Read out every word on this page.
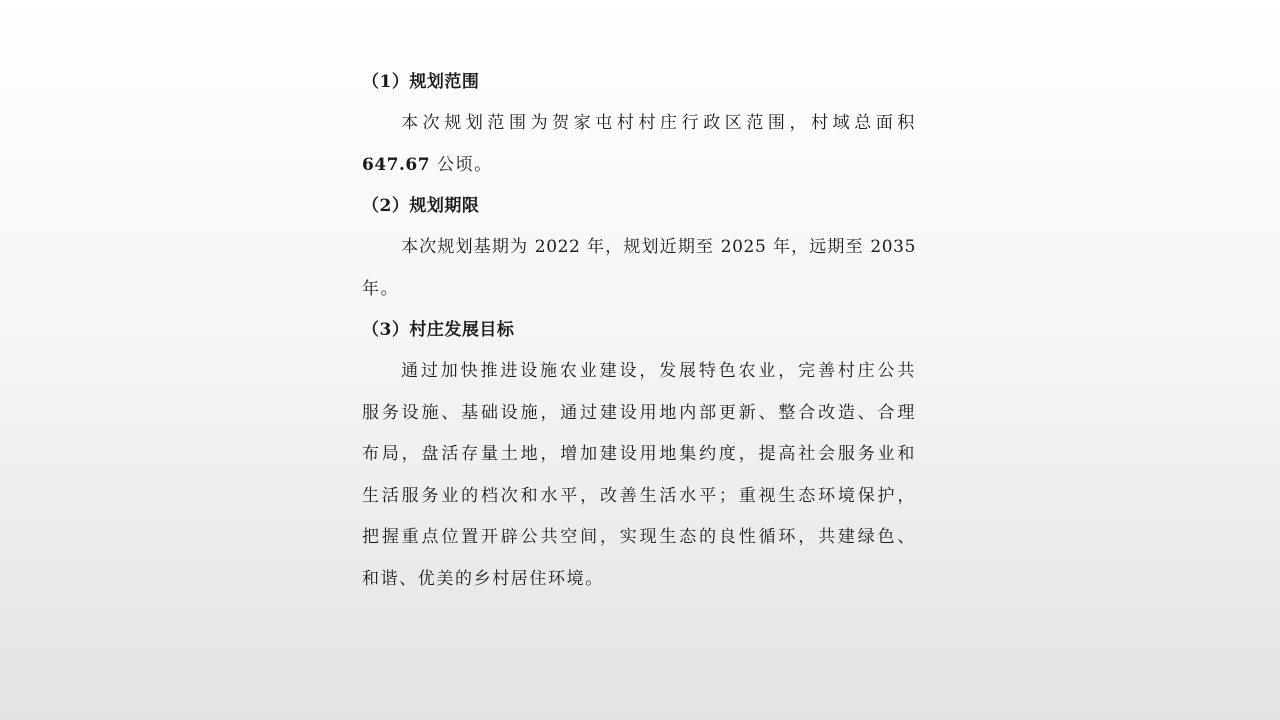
（1）规划范围
本次规划范围为贺家屯村村庄行政区范围，村域总面积
647.67 公顷。
（2）规划期限
本次规划基期为 2022 年，规划近期至 2025 年，远期至 2035
年。
（3）村庄发展目标
通过加快推进设施农业建设，发展特色农业，完善村庄公共
服务设施、基础设施，通过建设用地内部更新、整合改造、合理
布局，盘活存量土地，增加建设用地集约度，提高社会服务业和
生活服务业的档次和水平，改善生活水平；重视生态环境保护，
把握重点位置开辟公共空间，实现生态的良性循环，共建绿色、
和谐、优美的乡村居住环境。
